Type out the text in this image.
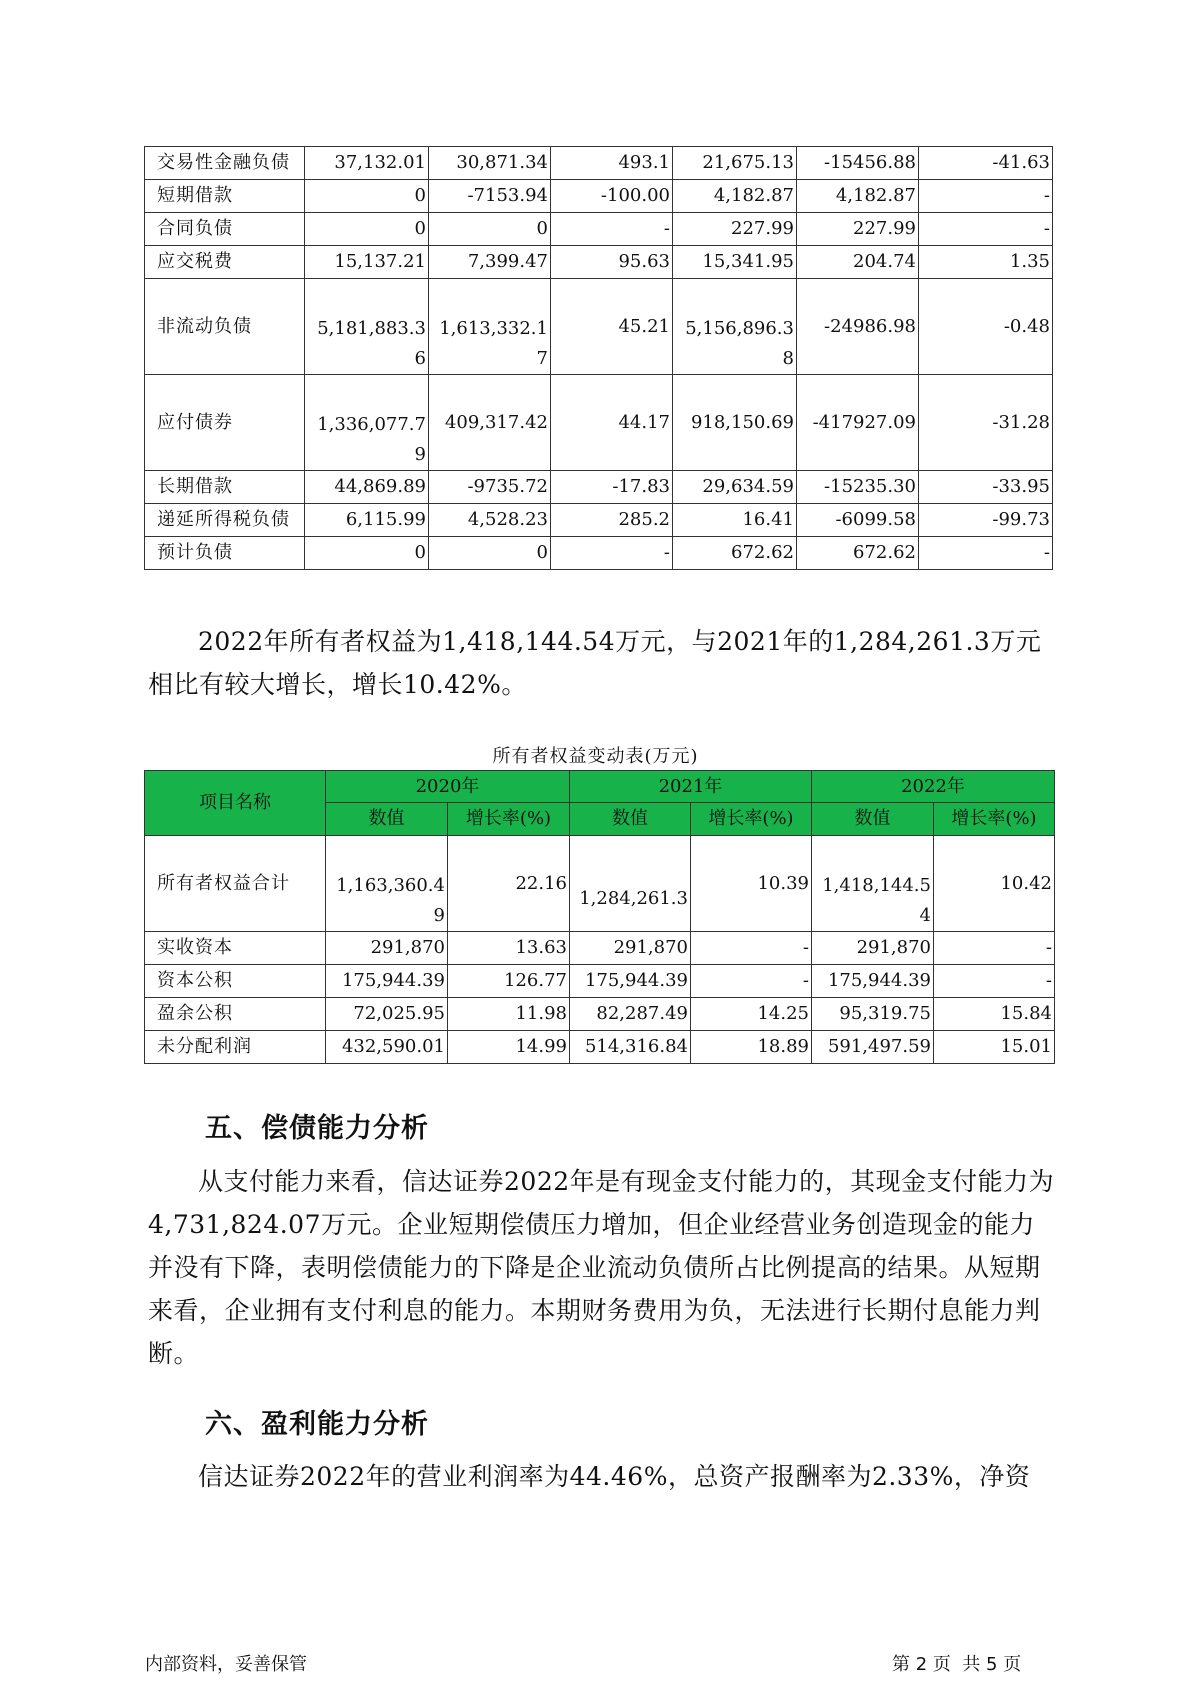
交易性金融负债	37,132.01	30,871.34	493.1	21,675.13	-15456.88	-41.63
短期借款	0	-7153.94	-100.00	4,182.87	4,182.87	-
合同负债	0	0	-	227.99	227.99	-
应交税费	15,137.21	7,399.47	95.63	15,341.95	204.74	1.35
非流动负债	5,181,883.36	1,613,332.17	45.21	5,156,896.38	-24986.98	-0.48
应付债券	1,336,077.79	409,317.42	44.17	918,150.69	-417927.09	-31.28
长期借款	44,869.89	-9735.72	-17.83	29,634.59	-15235.30	-33.95
递延所得税负债	6,115.99	4,528.23	285.2	16.41	-6099.58	-99.73
预计负债	0	0	-	672.62	672.62	-
2022年所有者权益为1,418,144.54万元，与2021年的1,284,261.3万元相比有较大增长，增长10.42%。
所有者权益变动表(万元)
项目名称	2020年		2021年		2022年	
	数值	增长率(%)	数值	增长率(%)	数值	增长率(%)
所有者权益合计	1,163,360.49	22.16	1,284,261.3	10.39	1,418,144.54	10.42
实收资本	291,870	13.63	291,870	-	291,870	-
资本公积	175,944.39	126.77	175,944.39	-	175,944.39	-
盈余公积	72,025.95	11.98	82,287.49	14.25	95,319.75	15.84
未分配利润	432,590.01	14.99	514,316.84	18.89	591,497.59	15.01
五、偿债能力分析
从支付能力来看，信达证券2022年是有现金支付能力的，其现金支付能力为4,731,824.07万元。企业短期偿债压力增加，但企业经营业务创造现金的能力并没有下降，表明偿债能力的下降是企业流动负债所占比例提高的结果。从短期来看，企业拥有支付利息的能力。本期财务费用为负，无法进行长期付息能力判断。
六、盈利能力分析
信达证券2022年的营业利润率为44.46%，总资产报酬率为2.33%，净资
内部资料，妥善保管	第 2 页  共 5 页
